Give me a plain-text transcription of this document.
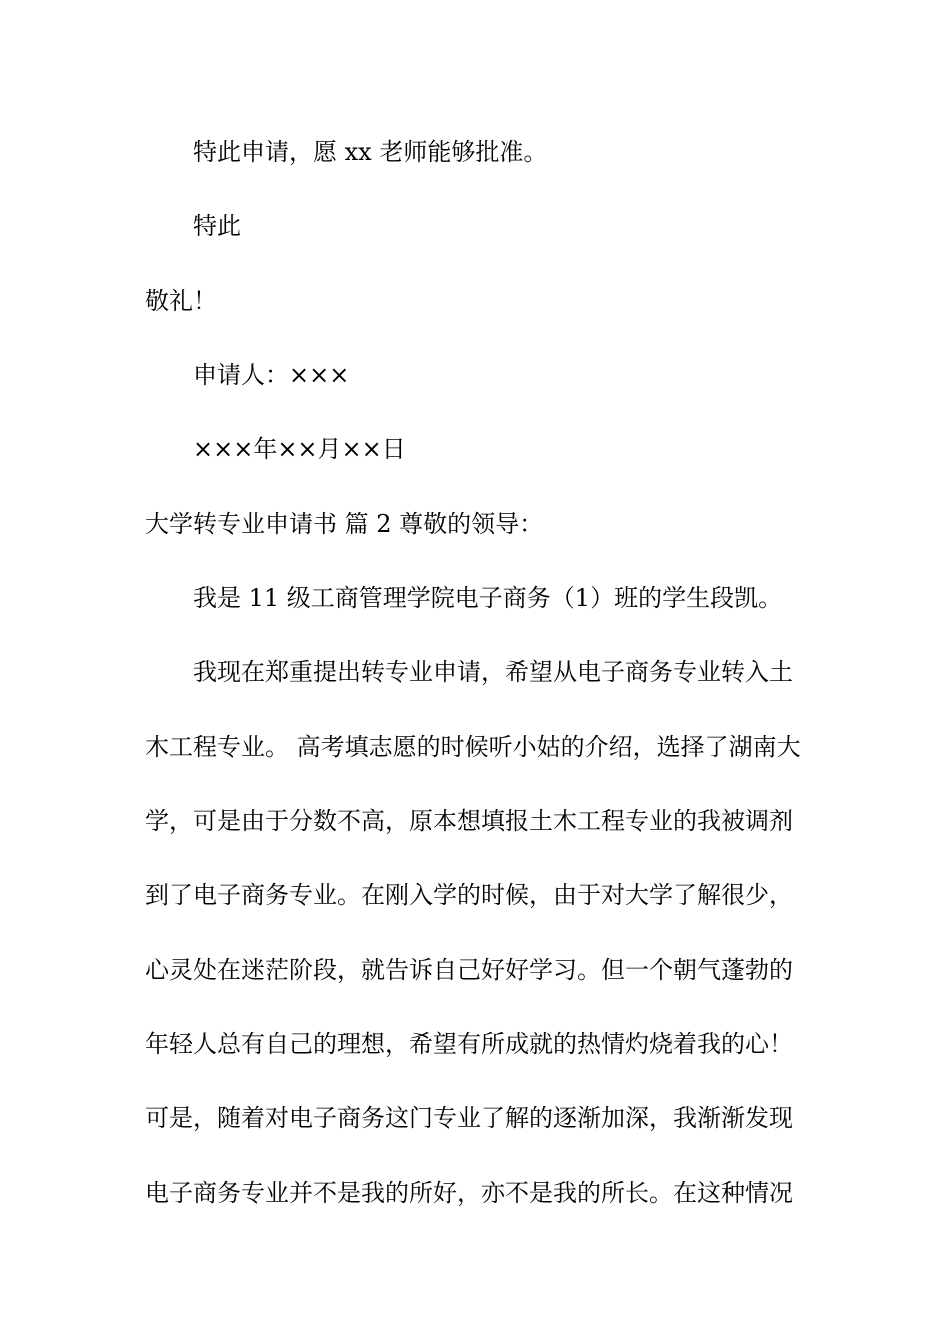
特此申请，愿 xx 老师能够批准。
特此
敬礼！
申请人：×××
×××年××月××日
大学转专业申请书 篇 2 尊敬的领导：
我是 11 级工商管理学院电子商务（1）班的学生段凯。
我现在郑重提出转专业申请，希望从电子商务专业转入土
木工程专业。 高考填志愿的时候听小姑的介绍，选择了湖南大
学，可是由于分数不高，原本想填报土木工程专业的我被调剂
到了电子商务专业。在刚入学的时候，由于对大学了解很少，
心灵处在迷茫阶段，就告诉自己好好学习。但一个朝气蓬勃的
年轻人总有自己的理想，希望有所成就的热情灼烧着我的心！
可是，随着对电子商务这门专业了解的逐渐加深，我渐渐发现
电子商务专业并不是我的所好，亦不是我的所长。在这种情况
